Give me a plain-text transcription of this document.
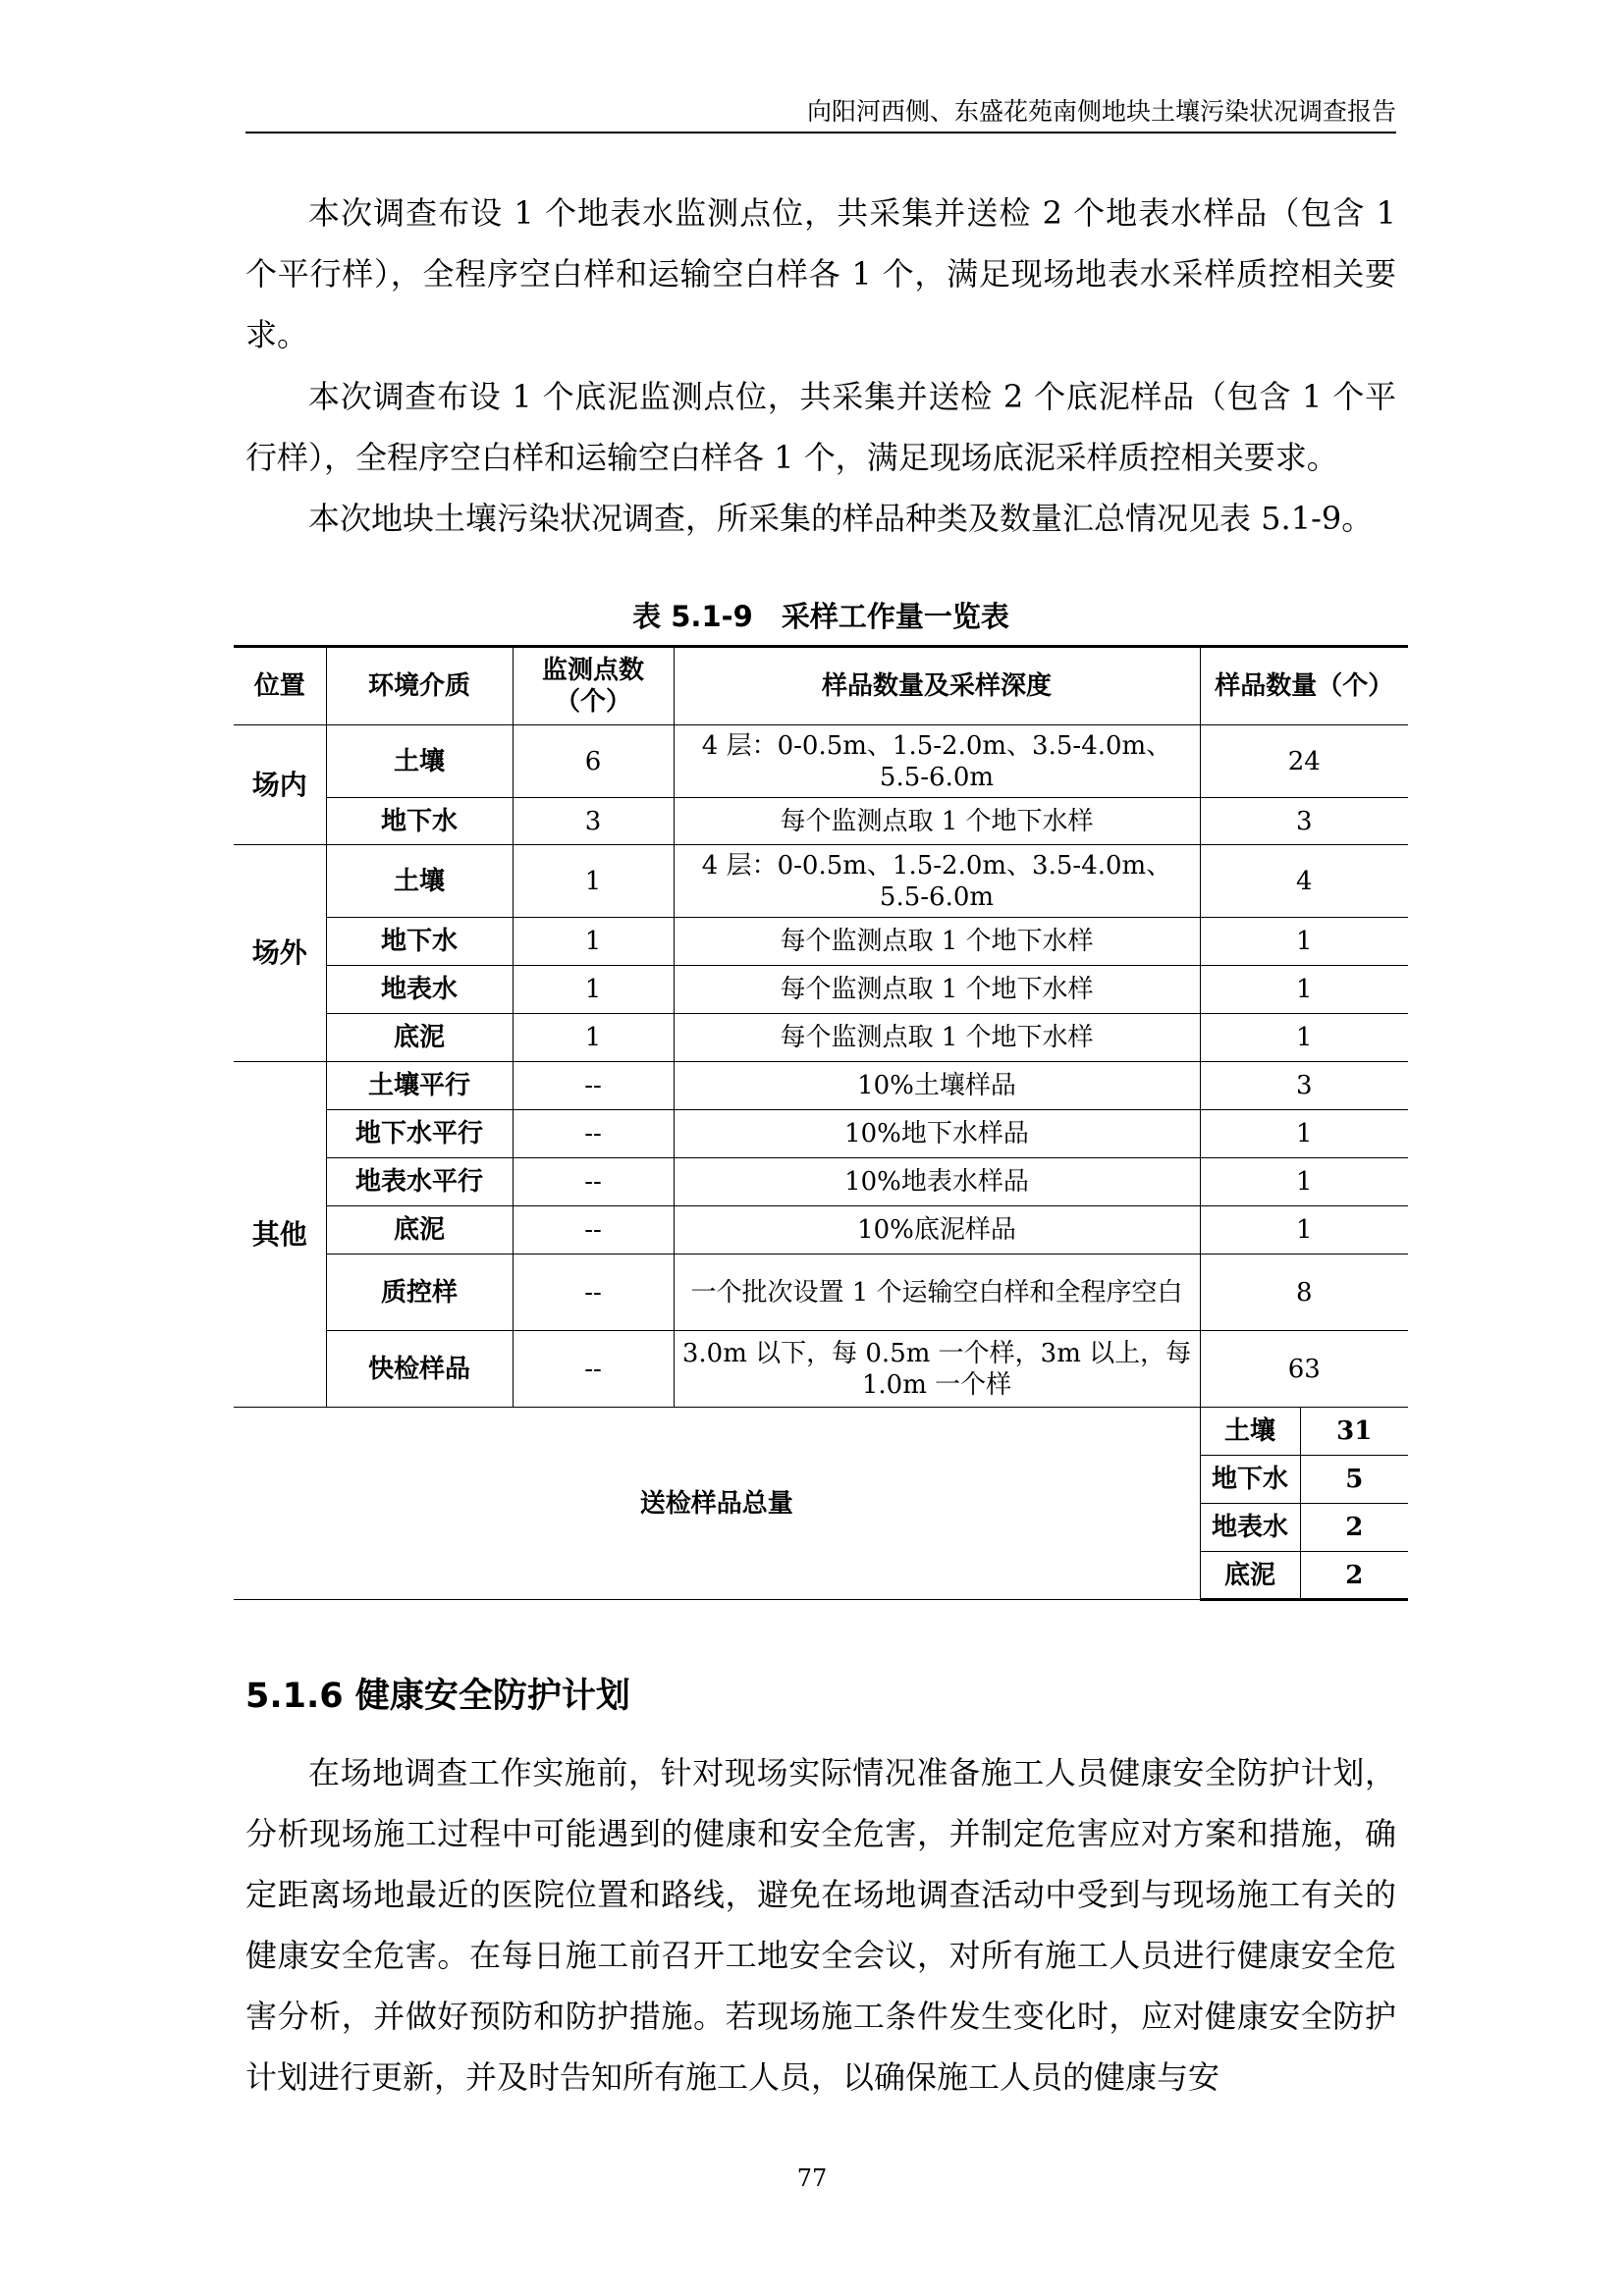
向阳河西侧、东盛花苑南侧地块土壤污染状况调查报告

本次调查布设 1 个地表水监测点位，共采集并送检 2 个地表水样品（包含 1 个平行样），全程序空白样和运输空白样各 1 个，满足现场地表水采样质控相关要求。

本次调查布设 1 个底泥监测点位，共采集并送检 2 个底泥样品（包含 1 个平行样），全程序空白样和运输空白样各 1 个，满足现场底泥采样质控相关要求。

本次地块土壤污染状况调查，所采集的样品种类及数量汇总情况见表 5.1-9。

表 5.1-9　采样工作量一览表
位置	环境介质	监测点数（个）	样品数量及采样深度	样品数量（个）	
场内	土壤	6	4 层：0-0.5m、1.5-2.0m、3.5-4.0m、5.5-6.0m	24	
	地下水	3	每个监测点取 1 个地下水样	3	
场外	土壤	1	4 层：0-0.5m、1.5-2.0m、3.5-4.0m、5.5-6.0m	4	
	地下水	1	每个监测点取 1 个地下水样	1	
	地表水	1	每个监测点取 1 个地下水样	1	
	底泥	1	每个监测点取 1 个地下水样	1	
其他	土壤平行	--	10%土壤样品	3	
	地下水平行	--	10%地下水样品	1	
	地表水平行	--	10%地表水样品	1	
	底泥	--	10%底泥样品	1	
	质控样	--	一个批次设置 1 个运输空白样和全程序空白	8	
	快检样品	--	3.0m 以下，每 0.5m 一个样，3m 以上，每 1.0m 一个样	63	
送检样品总量				土壤	31
				地下水	5
				地表水	2
				底泥	2
5.1.6 健康安全防护计划

在场地调查工作实施前，针对现场实际情况准备施工人员健康安全防护计划，分析现场施工过程中可能遇到的健康和安全危害，并制定危害应对方案和措施，确定距离场地最近的医院位置和路线，避免在场地调查活动中受到与现场施工有关的健康安全危害。在每日施工前召开工地安全会议，对所有施工人员进行健康安全危害分析，并做好预防和防护措施。若现场施工条件发生变化时，应对健康安全防护计划进行更新，并及时告知所有施工人员，以确保施工人员的健康与安

77
